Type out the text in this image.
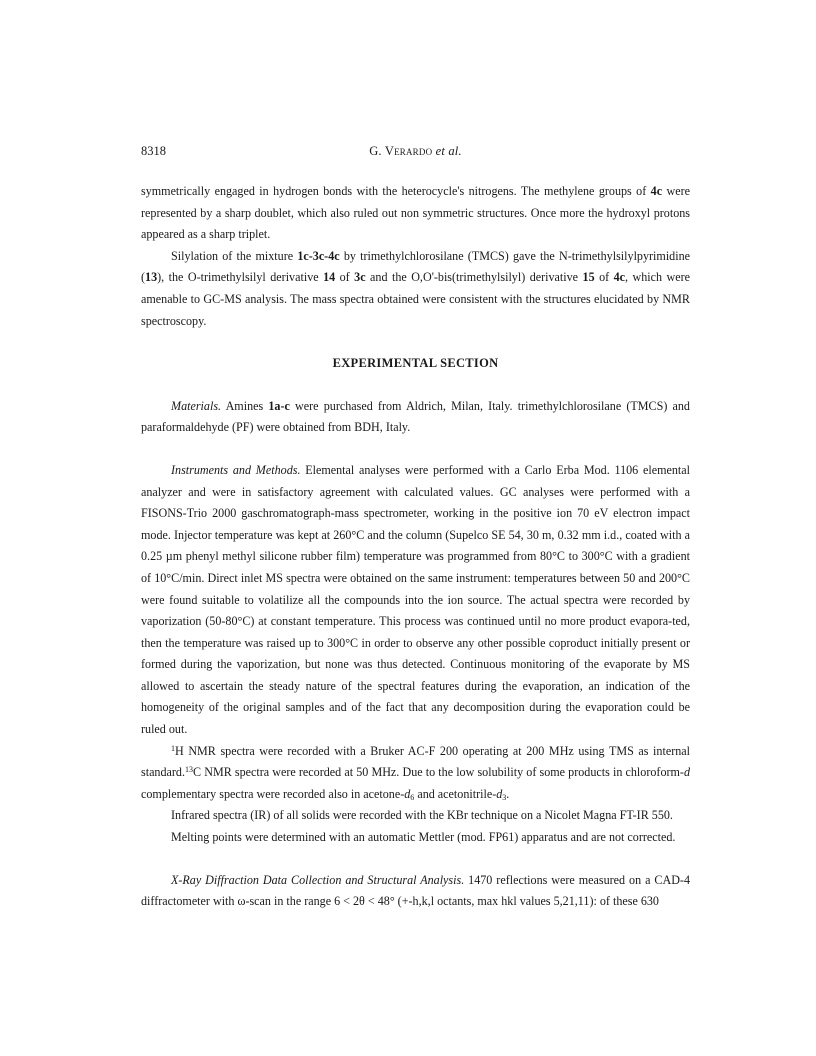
8318	G. Verardo et al.

symmetrically engaged in hydrogen bonds with the heterocycle's nitrogens. The methylene groups of 4c were represented by a sharp doublet, which also ruled out non symmetric structures. Once more the hydroxyl protons appeared as a sharp triplet.

Silylation of the mixture 1c-3c-4c by trimethylchlorosilane (TMCS) gave the N-trimethylsilylpyrimidine (13), the O-trimethylsilyl derivative 14 of 3c and the O,O'-bis(trimethylsilyl) derivative 15 of 4c, which were amenable to GC-MS analysis. The mass spectra obtained were consistent with the structures elucidated by NMR spectroscopy.

EXPERIMENTAL SECTION

Materials. Amines 1a-c were purchased from Aldrich, Milan, Italy. trimethylchlorosilane (TMCS) and paraformaldehyde (PF) were obtained from BDH, Italy.

Instruments and Methods. Elemental analyses were performed with a Carlo Erba Mod. 1106 elemental analyzer and were in satisfactory agreement with calculated values. GC analyses were performed with a FISONS-Trio 2000 gaschromatograph-mass spectrometer, working in the positive ion 70 eV electron impact mode. Injector temperature was kept at 260°C and the column (Supelco SE 54, 30 m, 0.32 mm i.d., coated with a 0.25 µm phenyl methyl silicone rubber film) temperature was programmed from 80°C to 300°C with a gradient of 10°C/min. Direct inlet MS spectra were obtained on the same instrument: temperatures between 50 and 200°C were found suitable to volatilize all the compounds into the ion source. The actual spectra were recorded by vaporization (50-80°C) at constant temperature. This process was continued until no more product evapora-ted, then the temperature was raised up to 300°C in order to observe any other possible coproduct initially present or formed during the vaporization, but none was thus detected. Continuous monitoring of the evaporate by MS allowed to ascertain the steady nature of the spectral features during the evaporation, an indication of the homogeneity of the original samples and of the fact that any decomposition during the evaporation could be ruled out.

$^1$H NMR spectra were recorded with a Bruker AC-F 200 operating at 200 MHz using TMS as internal standard.$^{13}$C NMR spectra were recorded at 50 MHz. Due to the low solubility of some products in chloroform-d complementary spectra were recorded also in acetone-$d_6$ and acetonitrile-$d_3$.

Infrared spectra (IR) of all solids were recorded with the KBr technique on a Nicolet Magna FT-IR 550.

Melting points were determined with an automatic Mettler (mod. FP61) apparatus and are not corrected.

X-Ray Diffraction Data Collection and Structural Analysis. 1470 reflections were measured on a CAD-4 diffractometer with ω-scan in the range 6 < 2θ < 48° (+-h,k,l octants, max hkl values 5,21,11): of these 630
